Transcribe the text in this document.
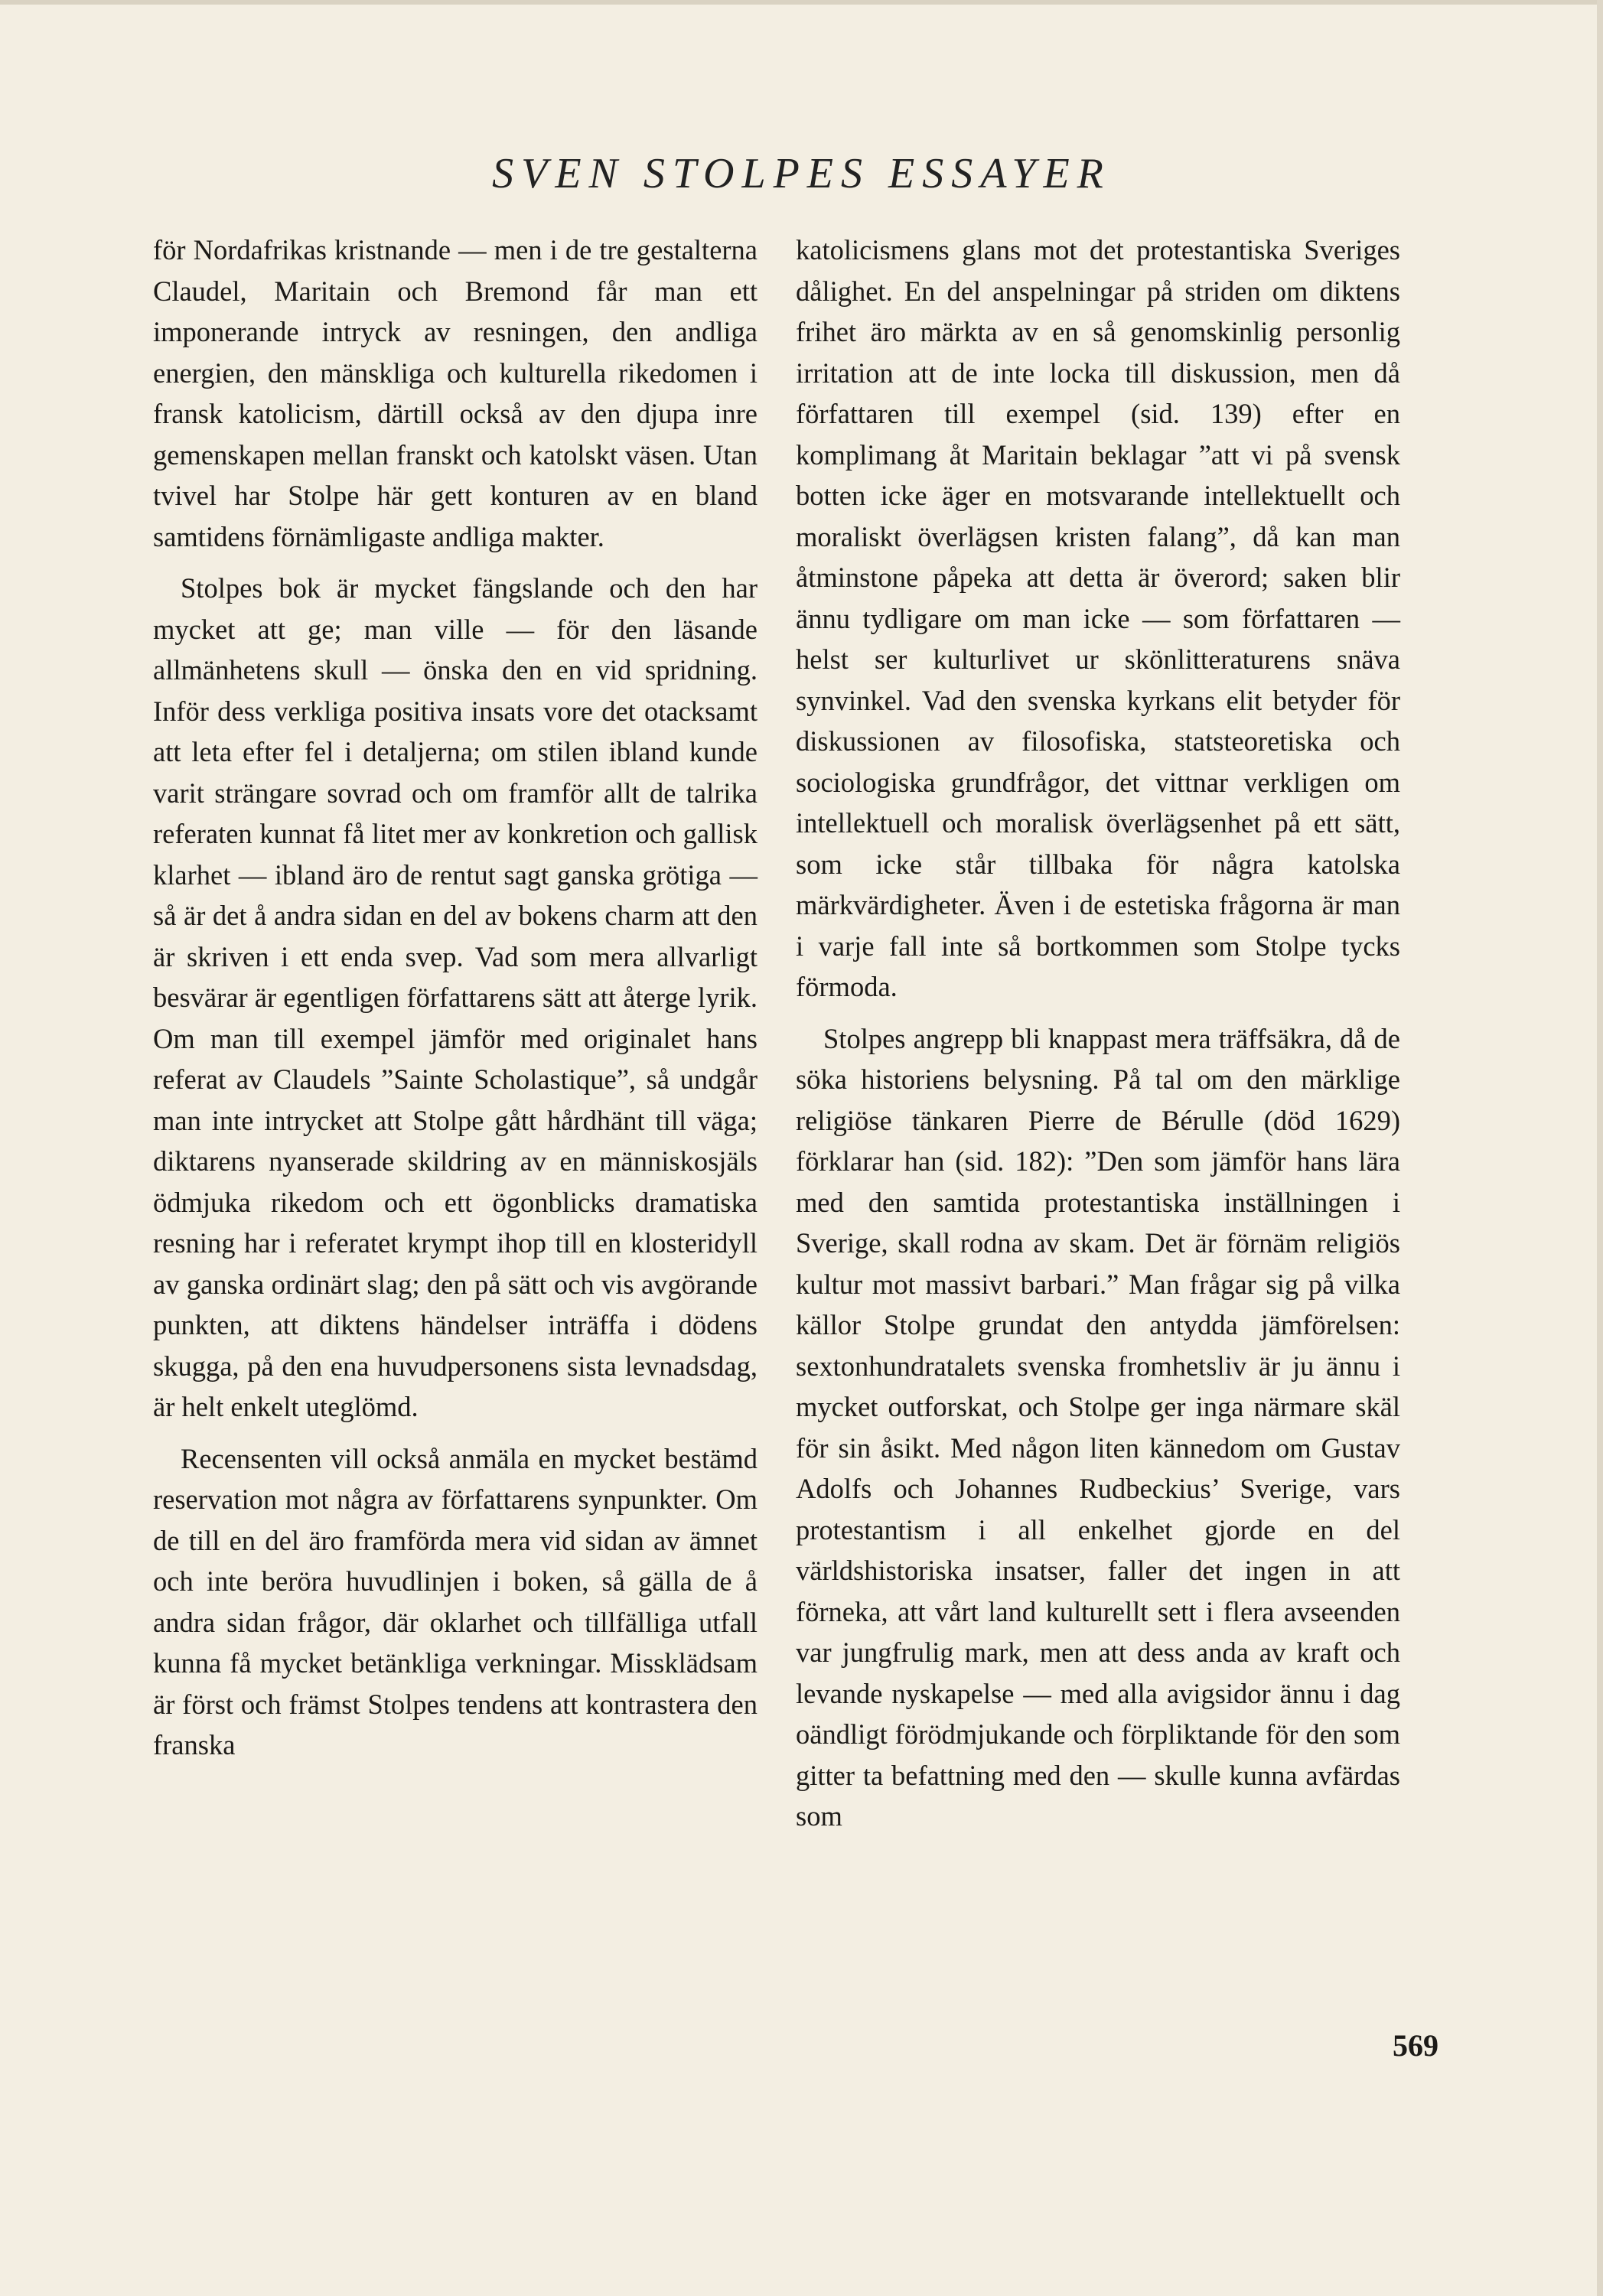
SVEN STOLPES ESSAYER

för Nordafrikas kristnande — men i de tre gestalterna Claudel, Maritain och Bremond får man ett imponerande intryck av resningen, den andliga energien, den mänskliga och kulturella rikedomen i fransk katolicism, därtill också av den djupa inre gemenskapen mellan franskt och katolskt väsen. Utan tvivel har Stolpe här gett konturen av en bland samtidens förnämligaste andliga makter.

Stolpes bok är mycket fängslande och den har mycket att ge; man ville — för den läsande allmänhetens skull — önska den en vid spridning. Inför dess verkliga positiva insats vore det otacksamt att leta efter fel i detaljerna; om stilen ibland kunde varit strängare sovrad och om framför allt de talrika referaten kunnat få litet mer av konkretion och gallisk klarhet — ibland äro de rentut sagt ganska grötiga — så är det å andra sidan en del av bokens charm att den är skriven i ett enda svep. Vad som mera allvarligt besvärar är egentligen författarens sätt att återge lyrik. Om man till exempel jämför med originalet hans referat av Claudels ”Sainte Scholastique”, så undgår man inte intrycket att Stolpe gått hårdhänt till väga; diktarens nyanserade skildring av en människosjäls ödmjuka rikedom och ett ögonblicks dramatiska resning har i referatet krympt ihop till en klosteridyll av ganska ordinärt slag; den på sätt och vis avgörande punkten, att diktens händelser inträffa i dödens skugga, på den ena huvudpersonens sista levnadsdag, är helt enkelt uteglömd.

Recensenten vill också anmäla en mycket bestämd reservation mot några av författarens synpunkter. Om de till en del äro framförda mera vid sidan av ämnet och inte beröra huvudlinjen i boken, så gälla de å andra sidan frågor, där oklarhet och tillfälliga utfall kunna få mycket betänkliga verkningar. Missklädsam är först och främst Stolpes tendens att kontrastera den franska

katolicismens glans mot det protestantiska Sveriges dålighet. En del anspelningar på striden om diktens frihet äro märkta av en så genomskinlig personlig irritation att de inte locka till diskussion, men då författaren till exempel (sid. 139) efter en komplimang åt Maritain beklagar ”att vi på svensk botten icke äger en motsvarande intellektuellt och moraliskt överlägsen kristen falang”, då kan man åtminstone påpeka att detta är överord; saken blir ännu tydligare om man icke — som författaren — helst ser kulturlivet ur skönlitteraturens snäva synvinkel. Vad den svenska kyrkans elit betyder för diskussionen av filosofiska, statsteoretiska och sociologiska grundfrågor, det vittnar verkligen om intellektuell och moralisk överlägsenhet på ett sätt, som icke står tillbaka för några katolska märkvärdigheter. Även i de estetiska frågorna är man i varje fall inte så bortkommen som Stolpe tycks förmoda.

Stolpes angrepp bli knappast mera träffsäkra, då de söka historiens belysning. På tal om den märklige religiöse tänkaren Pierre de Bérulle (död 1629) förklarar han (sid. 182): ”Den som jämför hans lära med den samtida protestantiska inställningen i Sverige, skall rodna av skam. Det är förnäm religiös kultur mot massivt barbari.” Man frågar sig på vilka källor Stolpe grundat den antydda jämförelsen: sextonhundratalets svenska fromhetsliv är ju ännu i mycket outforskat, och Stolpe ger inga närmare skäl för sin åsikt. Med någon liten kännedom om Gustav Adolfs och Johannes Rudbeckius’ Sverige, vars protestantism i all enkelhet gjorde en del världshistoriska insatser, faller det ingen in att förneka, att vårt land kulturellt sett i flera avseenden var jungfrulig mark, men att dess anda av kraft och levande nyskapelse — med alla avigsidor ännu i dag oändligt förödmjukande och förpliktande för den som gitter ta befattning med den — skulle kunna avfärdas som

569
